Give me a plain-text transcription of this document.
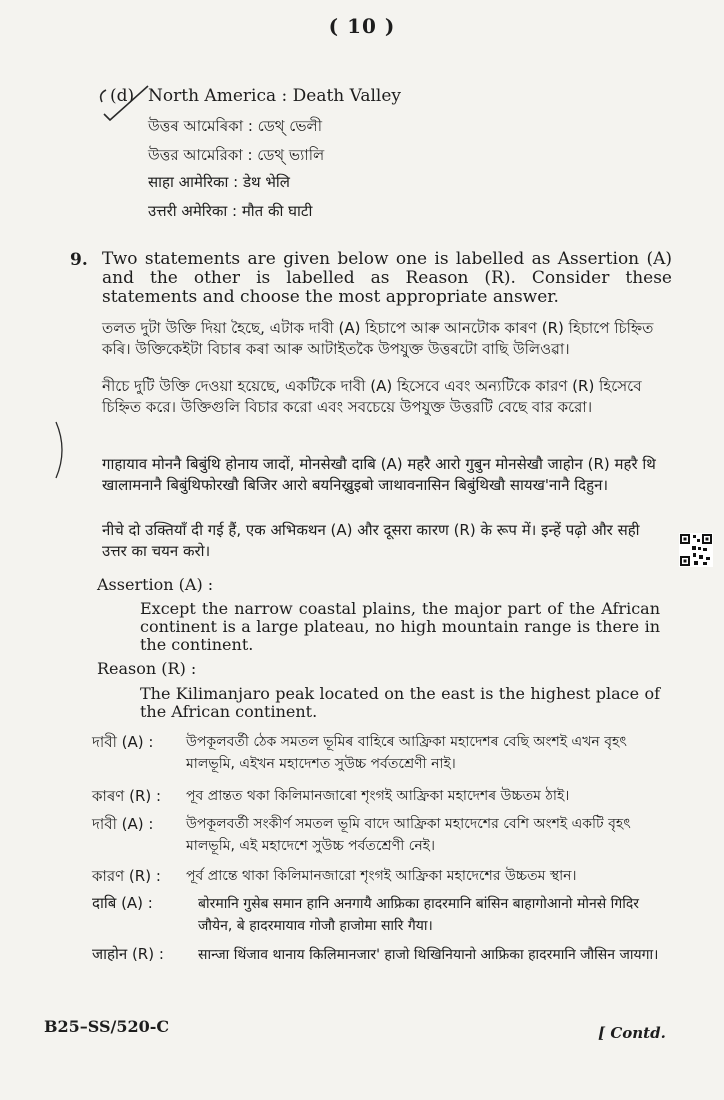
( 10 )
(d) North America : Death Valley
উত্তৰ আমেৰিকা : ডেথ্ ভেলী
উত্তর আমেরিকা : ডেথ্ ভ্যালি
साहा आमेरिका : डेथ भेलि
उत्तरी अमेरिका : मौत की घाटी
9. Two statements are given below one is labelled as Assertion (A) and the other is labelled as Reason (R). Consider these statements and choose the most appropriate answer.
তলত দুটা উক্তি দিয়া হৈছে, এটাক দাবী (A) হিচাপে আৰু আনটোক কাৰণ (R) হিচাপে চিহ্নিত কৰি। উক্তিকেইটা বিচাৰ কৰা আৰু আটাইতকৈ উপযুক্ত উত্তৰটো বাছি উলিওৱা।
নীচে দুটি উক্তি দেওয়া হয়েছে, একটিকে দাবী (A) হিসেবে এবং অন্যটিকে কারণ (R) হিসেবে চিহ্নিত করে। উক্তিগুলি বিচার করো এবং সবচেয়ে উপযুক্ত উত্তরটি বেছে বার করো।
गाहायाव मोननै बिबुंथि होनाय जादों, मोनसेखौ दाबि (A) महरै आरो गुबुन मोनसेखौ जाहोन (R) महरै थि खालामनानै बिबुंथिफोरखौ बिजिर आरो बयनिख्रुइबो जाथावनासिन बिबुंथिखौ सायख'नानै दिहुन।
नीचे दो उक्तियाँ दी गई हैं, एक अभिकथन (A) और दूसरा कारण (R) के रूप में। इन्हें पढ़ो और सही उत्तर का चयन करो।
Assertion (A) :
Except the narrow coastal plains, the major part of the African continent is a large plateau, no high mountain range is there in the continent.
Reason (R) :
The Kilimanjaro peak located on the east is the highest place of the African continent.
দাবী (A) : উপকূলবর্তী ঠেক সমতল ভূমিৰ বাহিৰে আফ্ৰিকা মহাদেশৰ বেছি অংশই এখন বৃহৎ মালভূমি, এইখন মহাদেশত সুউচ্চ পৰ্বতশ্ৰেণী নাই।
কাৰণ (R) : পূব প্ৰান্তত থকা কিলিমানজাৰো শৃংগই আফ্ৰিকা মহাদেশৰ উচ্চতম ঠাই।
দাবী (A) : উপকূলবর্তী সংকীর্ণ সমতল ভূমি বাদে আফ্রিকা মহাদেশের বেশি অংশই একটি বৃহৎ মালভূমি, এই মহাদেশে সুউচ্চ পর্বতশ্রেণী নেই।
কারণ (R) : পূর্ব প্রান্তে থাকা কিলিমানজারো শৃংগই আফ্রিকা মহাদেশের উচ্চতম স্থান।
दाबि (A) :	बोरमानि गुसेब समान हानि अनगायै आफ्रिका हादरमानि बांसिन बाहागोआनो मोनसे गिदिर जौयेन, बे हादरमायाव गोजौ हाजोमा सारि गैया।
जाहोन (R) : सान्जा थिंजाव थानाय किलिमानजार' हाजो थिखिनियानो आफ्रिका हादरमानि जौसिन जायगा।
B25–SS/520-C	[ Contd.
